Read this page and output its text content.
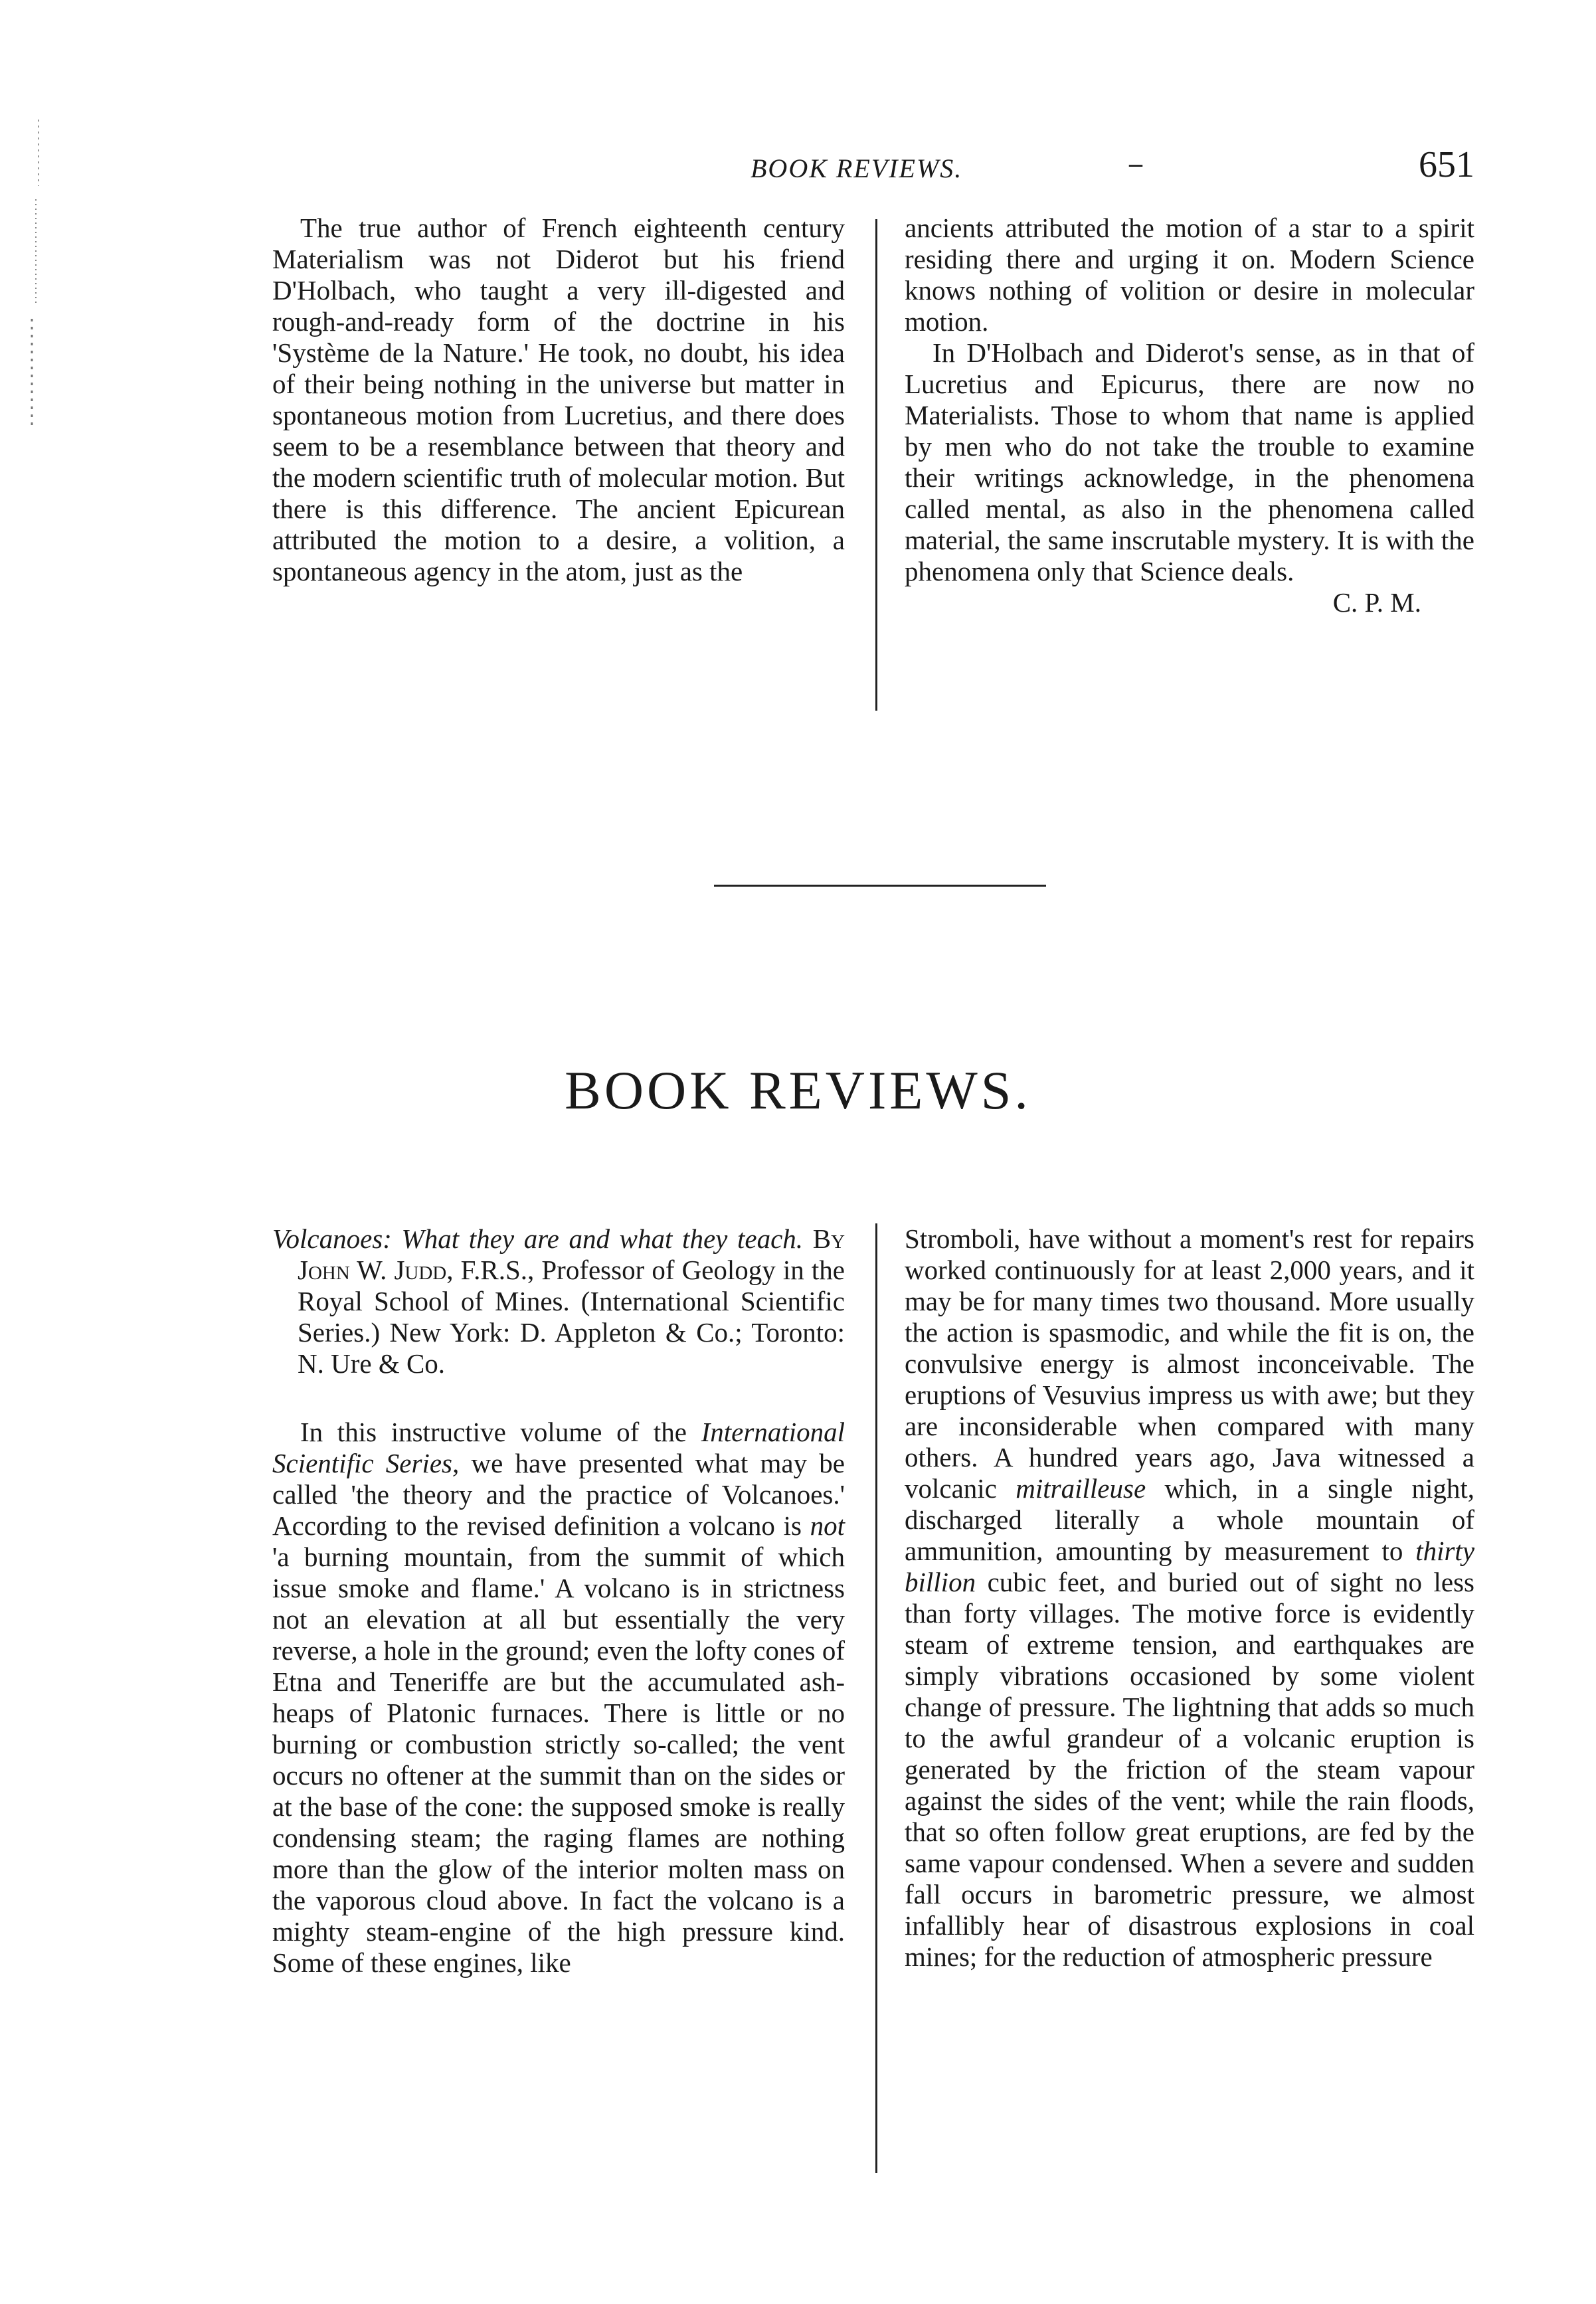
BOOK REVIEWS.	–	651

The true author of French eighteenth century Materialism was not Diderot but his friend D'Holbach, who taught a very ill-digested and rough-and-ready form of the doctrine in his 'Système de la Nature.' He took, no doubt, his idea of their being nothing in the universe but matter in spontaneous motion from Lucretius, and there does seem to be a resemblance between that theory and the modern scientific truth of molecular motion. But there is this difference. The ancient Epicurean attributed the motion to a desire, a volition, a spontaneous agency in the atom, just as the

ancients attributed the motion of a star to a spirit residing there and urging it on. Modern Science knows nothing of volition or desire in molecular motion.

In D'Holbach and Diderot's sense, as in that of Lucretius and Epicurus, there are now no Materialists. Those to whom that name is applied by men who do not take the trouble to examine their writings acknowledge, in the phenomena called mental, as also in the phenomena called material, the same inscrutable mystery. It is with the phenomena only that Science deals.

C. P. M.

BOOK REVIEWS.

Volcanoes: What they are and what they teach. By John W. Judd, F.R.S., Professor of Geology in the Royal School of Mines. (International Scientific Series.) New York: D. Appleton & Co.; Toronto: N. Ure & Co.

In this instructive volume of the International Scientific Series, we have presented what may be called 'the theory and the practice of Volcanoes.' According to the revised definition a volcano is not 'a burning mountain, from the summit of which issue smoke and flame.' A volcano is in strictness not an elevation at all but essentially the very reverse, a hole in the ground; even the lofty cones of Etna and Teneriffe are but the accumulated ash-heaps of Platonic furnaces. There is little or no burning or combustion strictly so-called; the vent occurs no oftener at the summit than on the sides or at the base of the cone: the supposed smoke is really condensing steam; the raging flames are nothing more than the glow of the interior molten mass on the vaporous cloud above. In fact the volcano is a mighty steam-engine of the high pressure kind. Some of these engines, like

Stromboli, have without a moment's rest for repairs worked continuously for at least 2,000 years, and it may be for many times two thousand. More usually the action is spasmodic, and while the fit is on, the convulsive energy is almost inconceivable. The eruptions of Vesuvius impress us with awe; but they are inconsiderable when compared with many others. A hundred years ago, Java witnessed a volcanic mitrailleuse which, in a single night, discharged literally a whole mountain of ammunition, amounting by measurement to thirty billion cubic feet, and buried out of sight no less than forty villages. The motive force is evidently steam of extreme tension, and earthquakes are simply vibrations occasioned by some violent change of pressure. The lightning that adds so much to the awful grandeur of a volcanic eruption is generated by the friction of the steam vapour against the sides of the vent; while the rain floods, that so often follow great eruptions, are fed by the same vapour condensed. When a severe and sudden fall occurs in barometric pressure, we almost infallibly hear of disastrous explosions in coal mines; for the reduction of atmospheric pressure
